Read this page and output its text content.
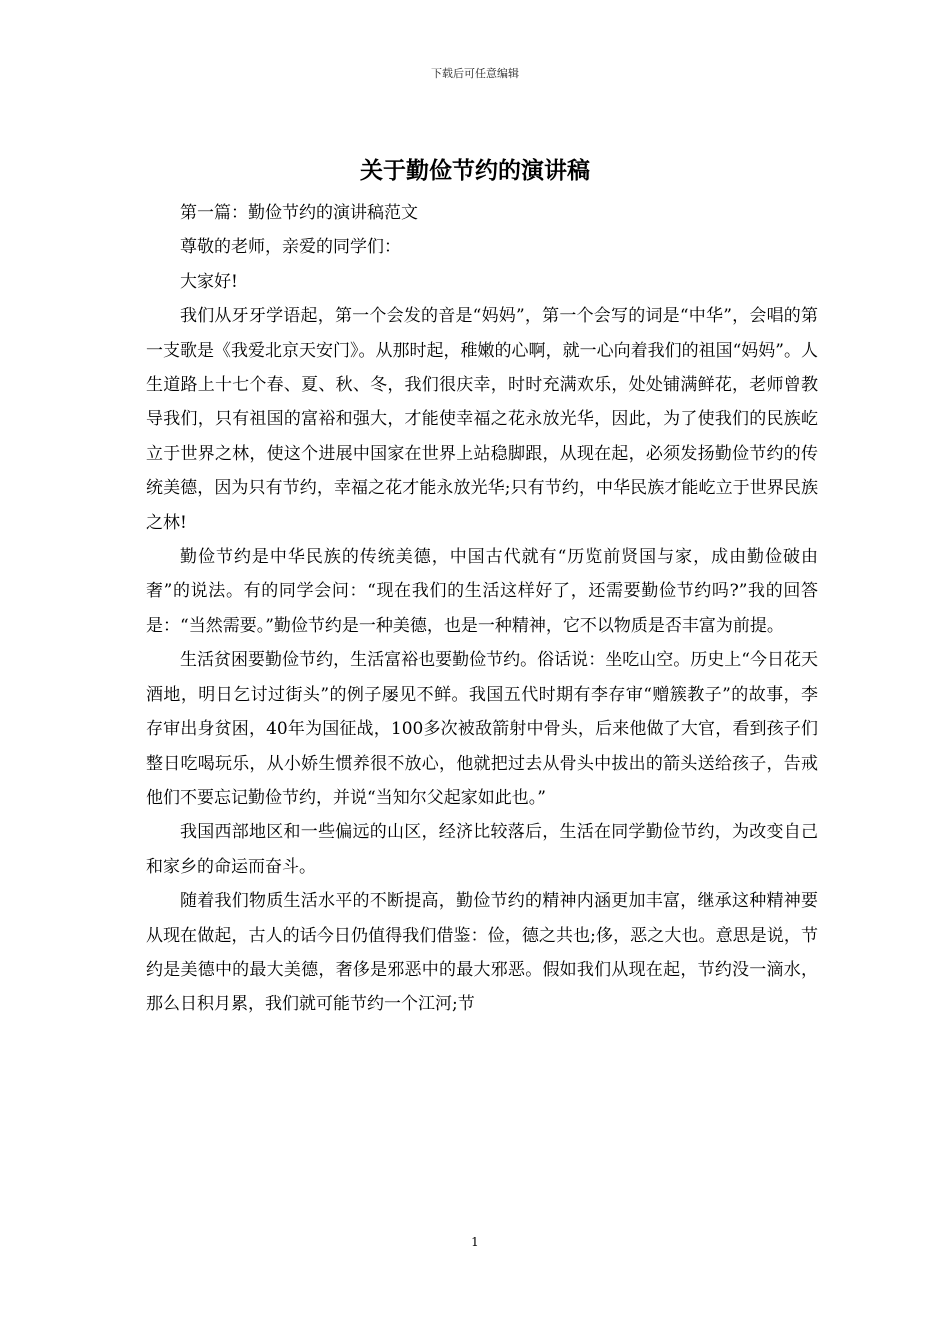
下载后可任意编辑
关于勤俭节约的演讲稿

第一篇：勤俭节约的演讲稿范文

尊敬的老师，亲爱的同学们：

大家好!

我们从牙牙学语起，第一个会发的音是“妈妈”，第一个会写的词是“中华”，会唱的第一支歌是《我爱北京天安门》。从那时起，稚嫩的心啊，就一心向着我们的祖国“妈妈”。人生道路上十七个春、夏、秋、冬，我们很庆幸，时时充满欢乐，处处铺满鲜花，老师曾教导我们，只有祖国的富裕和强大，才能使幸福之花永放光华，因此，为了使我们的民族屹立于世界之林，使这个进展中国家在世界上站稳脚跟，从现在起，必须发扬勤俭节约的传统美德，因为只有节约，幸福之花才能永放光华;只有节约，中华民族才能屹立于世界民族之林!

勤俭节约是中华民族的传统美德，中国古代就有“历览前贤国与家，成由勤俭破由奢”的说法。有的同学会问：“现在我们的生活这样好了，还需要勤俭节约吗?”我的回答是：“当然需要。”勤俭节约是一种美德，也是一种精神，它不以物质是否丰富为前提。

生活贫困要勤俭节约，生活富裕也要勤俭节约。俗话说：坐吃山空。历史上“今日花天酒地，明日乞讨过街头”的例子屡见不鲜。我国五代时期有李存审“赠簇教子”的故事，李存审出身贫困，40年为国征战，100多次被敌箭射中骨头，后来他做了大官，看到孩子们整日吃喝玩乐，从小娇生惯养很不放心，他就把过去从骨头中拔出的箭头送给孩子，告戒他们不要忘记勤俭节约，并说“当知尔父起家如此也。”

我国西部地区和一些偏远的山区，经济比较落后，生活在同学勤俭节约，为改变自己和家乡的命运而奋斗。

随着我们物质生活水平的不断提高，勤俭节约的精神内涵更加丰富，继承这种精神要从现在做起，古人的话今日仍值得我们借鉴：俭，德之共也;侈，恶之大也。意思是说，节约是美德中的最大美德，奢侈是邪恶中的最大邪恶。假如我们从现在起，节约没一滴水，那么日积月累，我们就可能节约一个江河;节

1
